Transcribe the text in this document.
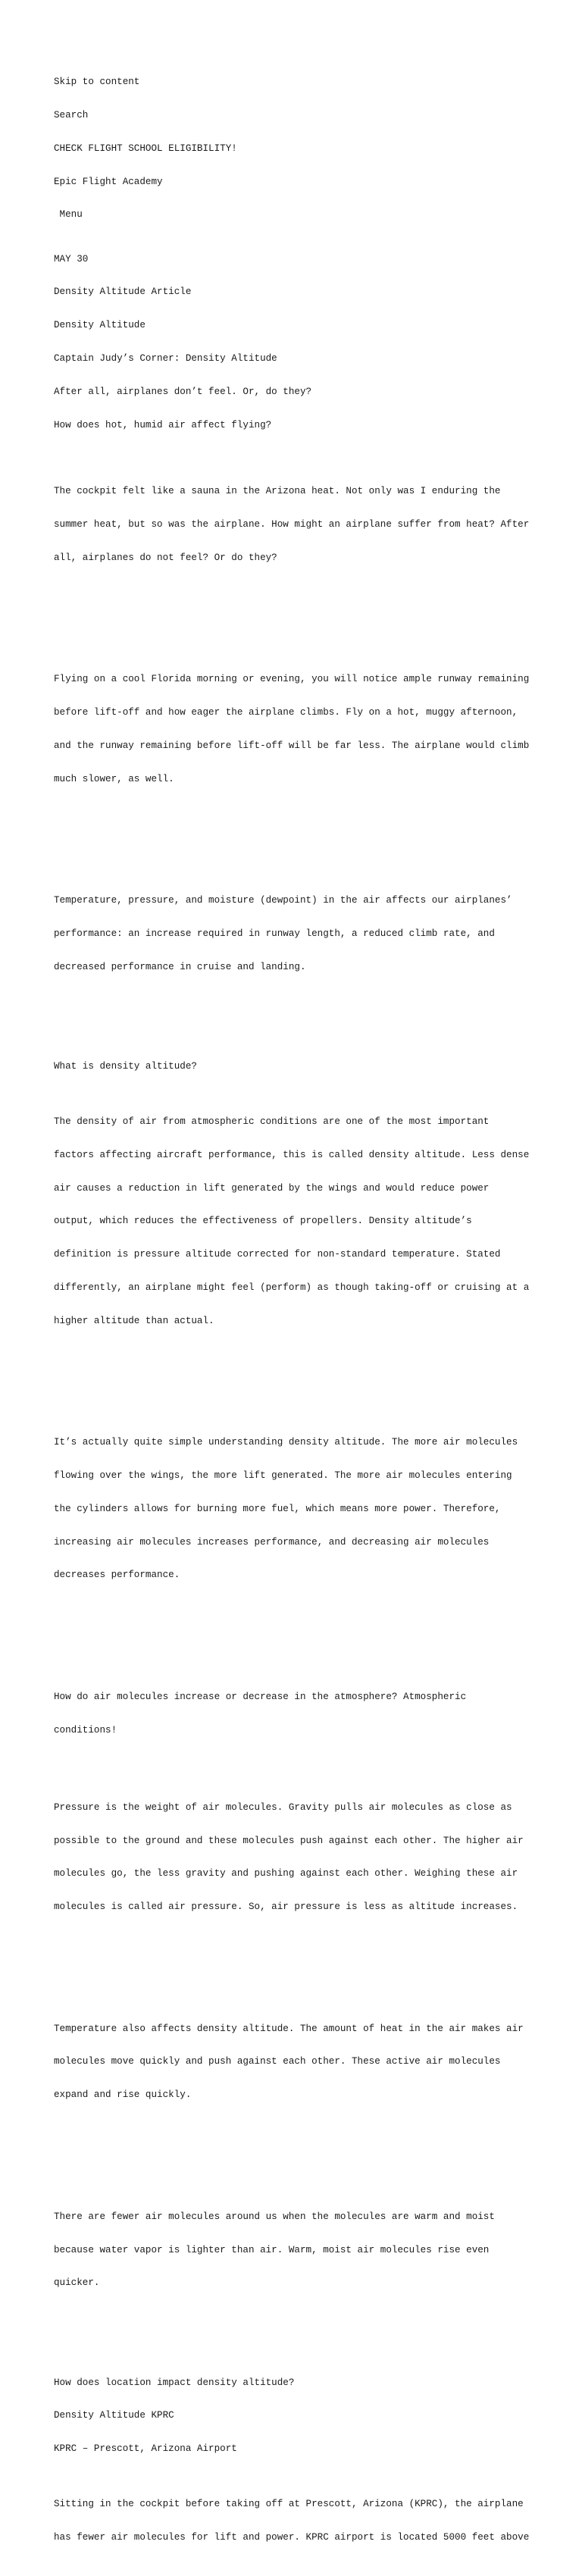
Skip to content

Search

CHECK FLIGHT SCHOOL ELIGIBILITY!

Epic Flight Academy

Menu

MAY 30

Density Altitude Article

Density Altitude

Captain Judy’s Corner: Density Altitude

After all, airplanes don’t feel. Or, do they?

How does hot, humid air affect flying?

The cockpit felt like a sauna in the Arizona heat. Not only was I enduring the

summer heat, but so was the airplane. How might an airplane suffer from heat? After

all, airplanes do not feel? Or do they?

Flying on a cool Florida morning or evening, you will notice ample runway remaining

before lift-off and how eager the airplane climbs. Fly on a hot, muggy afternoon,

and the runway remaining before lift-off will be far less. The airplane would climb

much slower, as well.

Temperature, pressure, and moisture (dewpoint) in the air affects our airplanes’

performance: an increase required in runway length, a reduced climb rate, and

decreased performance in cruise and landing.

What is density altitude?

The density of air from atmospheric conditions are one of the most important

factors affecting aircraft performance, this is called density altitude. Less dense

air causes a reduction in lift generated by the wings and would reduce power

output, which reduces the effectiveness of propellers. Density altitude’s

definition is pressure altitude corrected for non-standard temperature. Stated

differently, an airplane might feel (perform) as though taking-off or cruising at a

higher altitude than actual.

It’s actually quite simple understanding density altitude. The more air molecules

flowing over the wings, the more lift generated. The more air molecules entering

the cylinders allows for burning more fuel, which means more power. Therefore,

increasing air molecules increases performance, and decreasing air molecules

decreases performance.

How do air molecules increase or decrease in the atmosphere? Atmospheric

conditions!

Pressure is the weight of air molecules. Gravity pulls air molecules as close as

possible to the ground and these molecules push against each other. The higher air

molecules go, the less gravity and pushing against each other. Weighing these air

molecules is called air pressure. So, air pressure is less as altitude increases.

Temperature also affects density altitude. The amount of heat in the air makes air

molecules move quickly and push against each other. These active air molecules

expand and rise quickly.

There are fewer air molecules around us when the molecules are warm and moist

because water vapor is lighter than air. Warm, moist air molecules rise even

quicker.

How does location impact density altitude?

Density Altitude KPRC

KPRC – Prescott, Arizona Airport

Sitting in the cockpit before taking off at Prescott, Arizona (KPRC), the airplane

has fewer air molecules for lift and power. KPRC airport is located 5000 feet above
